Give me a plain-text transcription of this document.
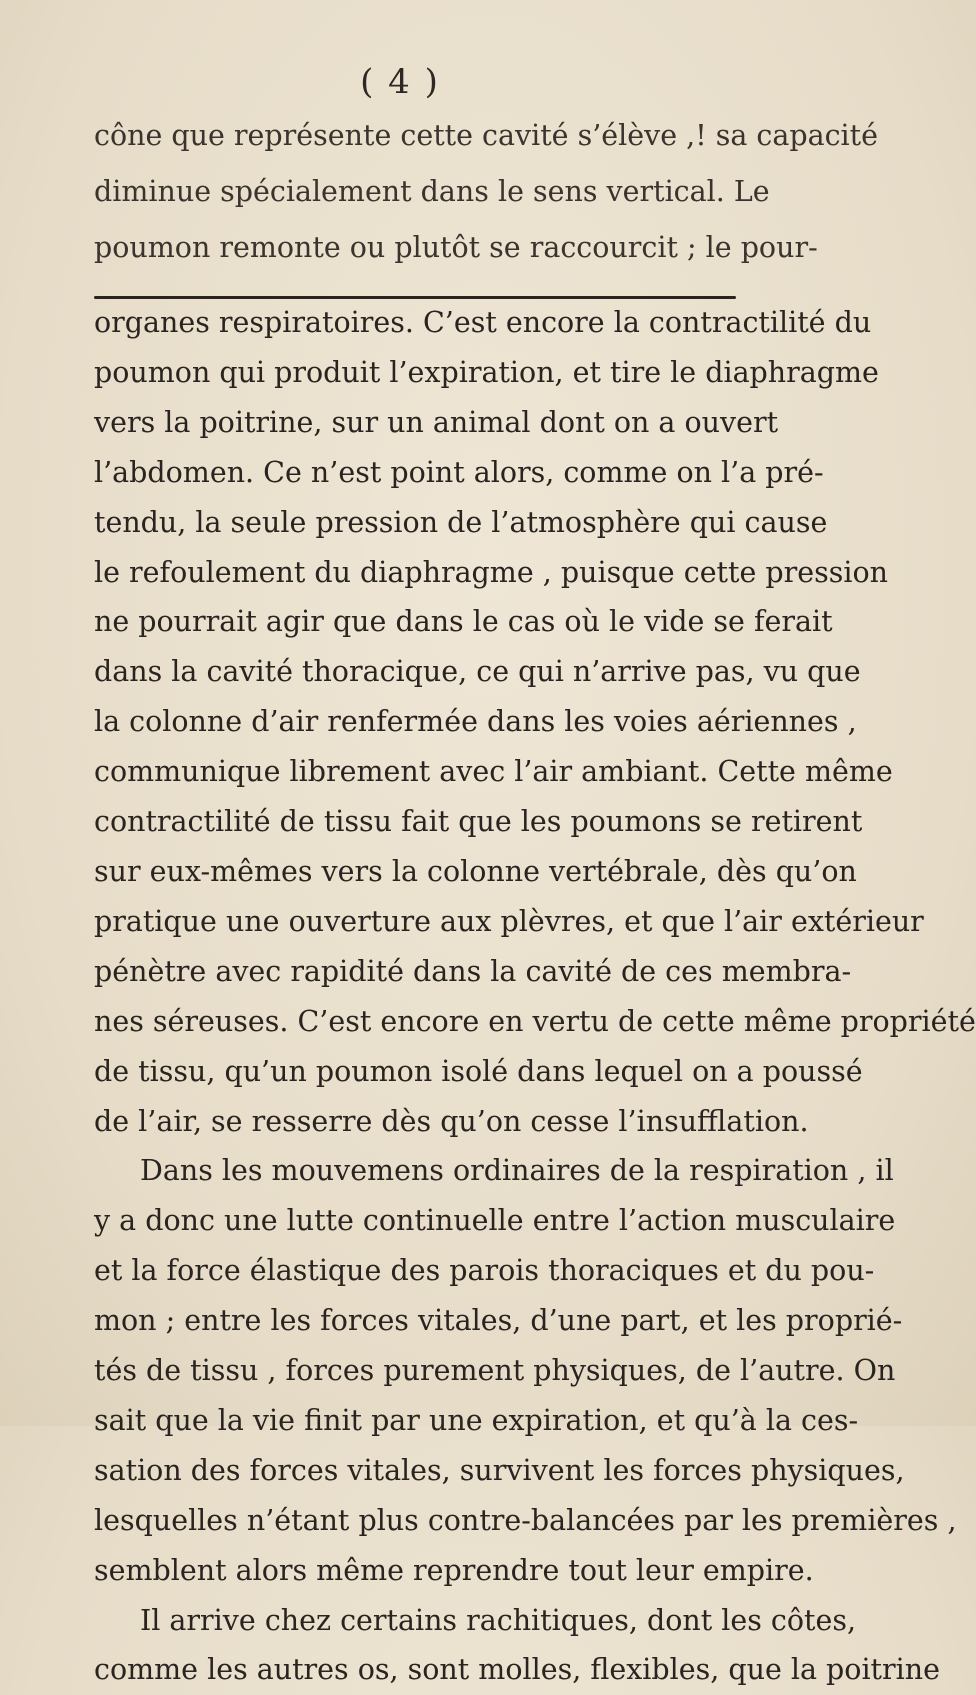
( 4 )
cône que représente cette cavité s’élève ,! sa capacité
diminue spécialement dans le sens vertical. Le
poumon remonte ou plutôt se raccourcit ; le pour-
organes respiratoires. C’est encore la contractilité du
poumon qui produit l’expiration, et tire le diaphragme
vers la poitrine, sur un animal dont on a ouvert
l’abdomen. Ce n’est point alors, comme on l’a pré-
tendu, la seule pression de l’atmosphère qui cause
le refoulement du diaphragme , puisque cette pression
ne pourrait agir que dans le cas où le vide se ferait
dans la cavité thoracique, ce qui n’arrive pas, vu que
la colonne d’air renfermée dans les voies aériennes ,
communique librement avec l’air ambiant. Cette même
contractilité de tissu fait que les poumons se retirent
sur eux-mêmes vers la colonne vertébrale, dès qu’on
pratique une ouverture aux plèvres, et que l’air extérieur
pénètre avec rapidité dans la cavité de ces membra-
nes séreuses. C’est encore en vertu de cette même propriété
de tissu, qu’un poumon isolé dans lequel on a poussé
de l’air, se resserre dès qu’on cesse l’insufflation.
Dans les mouvemens ordinaires de la respiration , il
y a donc une lutte continuelle entre l’action musculaire
et la force élastique des parois thoraciques et du pou-
mon ; entre les forces vitales, d’une part, et les proprié-
tés de tissu , forces purement physiques, de l’autre. On
sait que la vie finit par une expiration, et qu’à la ces-
sation des forces vitales, survivent les forces physiques,
lesquelles n’étant plus contre-balancées par les premières ,
semblent alors même reprendre tout leur empire.
Il arrive chez certains rachitiques, dont les côtes,
comme les autres os, sont molles, flexibles, que la poitrine
